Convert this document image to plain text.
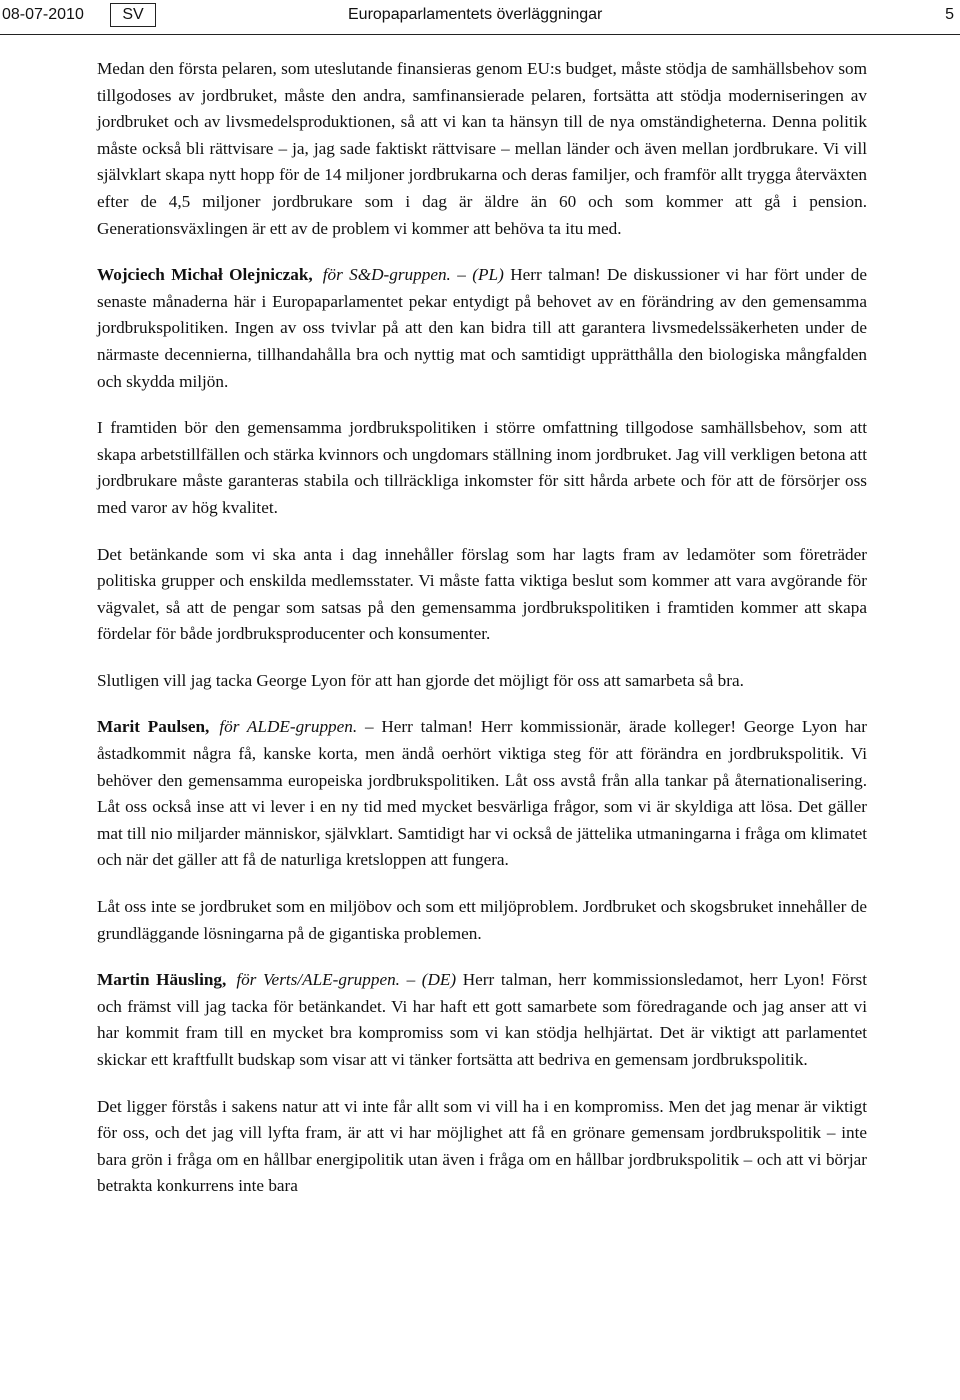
08-07-2010	SV	Europaparlamentets överläggningar	5

Medan den första pelaren, som uteslutande finansieras genom EU:s budget, måste stödja de samhällsbehov som tillgodoses av jordbruket, måste den andra, samfinansierade pelaren, fortsätta att stödja moderniseringen av jordbruket och av livsmedelsproduktionen, så att vi kan ta hänsyn till de nya omständigheterna. Denna politik måste också bli rättvisare – ja, jag sade faktiskt rättvisare – mellan länder och även mellan jordbrukare. Vi vill självklart skapa nytt hopp för de 14 miljoner jordbrukarna och deras familjer, och framför allt trygga återväxten efter de 4,5 miljoner jordbrukare som i dag är äldre än 60 och som kommer att gå i pension. Generationsväxlingen är ett av de problem vi kommer att behöva ta itu med.

Wojciech Michał Olejniczak, för S&D-gruppen. – (PL) Herr talman! De diskussioner vi har fört under de senaste månaderna här i Europaparlamentet pekar entydigt på behovet av en förändring av den gemensamma jordbrukspolitiken. Ingen av oss tvivlar på att den kan bidra till att garantera livsmedelssäkerheten under de närmaste decennierna, tillhandahålla bra och nyttig mat och samtidigt upprätthålla den biologiska mångfalden och skydda miljön.

I framtiden bör den gemensamma jordbrukspolitiken i större omfattning tillgodose samhällsbehov, som att skapa arbetstillfällen och stärka kvinnors och ungdomars ställning inom jordbruket. Jag vill verkligen betona att jordbrukare måste garanteras stabila och tillräckliga inkomster för sitt hårda arbete och för att de försörjer oss med varor av hög kvalitet.

Det betänkande som vi ska anta i dag innehåller förslag som har lagts fram av ledamöter som företräder politiska grupper och enskilda medlemsstater. Vi måste fatta viktiga beslut som kommer att vara avgörande för vägvalet, så att de pengar som satsas på den gemensamma jordbrukspolitiken i framtiden kommer att skapa fördelar för både jordbruksproducenter och konsumenter.

Slutligen vill jag tacka George Lyon för att han gjorde det möjligt för oss att samarbeta så bra.

Marit Paulsen, för ALDE-gruppen. – Herr talman! Herr kommissionär, ärade kolleger! George Lyon har åstadkommit några få, kanske korta, men ändå oerhört viktiga steg för att förändra en jordbrukspolitik. Vi behöver den gemensamma europeiska jordbrukspolitiken. Låt oss avstå från alla tankar på åternationalisering. Låt oss också inse att vi lever i en ny tid med mycket besvärliga frågor, som vi är skyldiga att lösa. Det gäller mat till nio miljarder människor, självklart. Samtidigt har vi också de jättelika utmaningarna i fråga om klimatet och när det gäller att få de naturliga kretsloppen att fungera.

Låt oss inte se jordbruket som en miljöbov och som ett miljöproblem. Jordbruket och skogsbruket innehåller de grundläggande lösningarna på de gigantiska problemen.

Martin Häusling, för Verts/ALE-gruppen. – (DE) Herr talman, herr kommissionsledamot, herr Lyon! Först och främst vill jag tacka för betänkandet. Vi har haft ett gott samarbete som föredragande och jag anser att vi har kommit fram till en mycket bra kompromiss som vi kan stödja helhjärtat. Det är viktigt att parlamentet skickar ett kraftfullt budskap som visar att vi tänker fortsätta att bedriva en gemensam jordbrukspolitik.

Det ligger förstås i sakens natur att vi inte får allt som vi vill ha i en kompromiss. Men det jag menar är viktigt för oss, och det jag vill lyfta fram, är att vi har möjlighet att få en grönare gemensam jordbrukspolitik – inte bara grön i fråga om en hållbar energipolitik utan även i fråga om en hållbar jordbrukspolitik – och att vi börjar betrakta konkurrens inte bara
